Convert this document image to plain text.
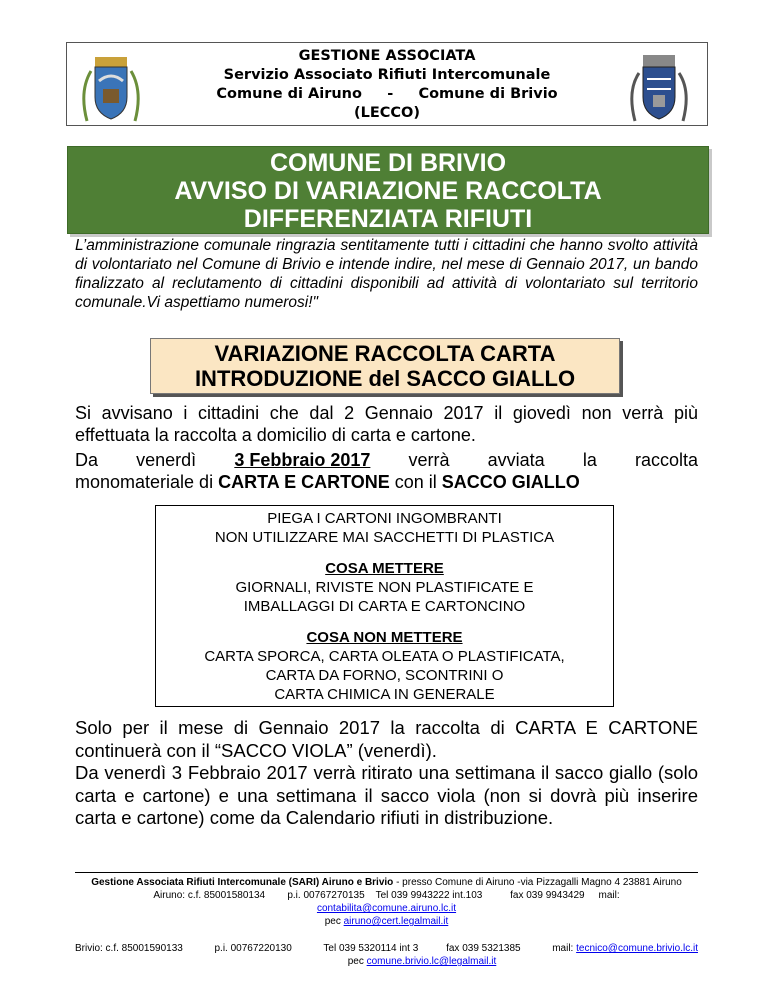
GESTIONE ASSOCIATA
Servizio Associato Rifiuti Intercomunale
Comune di Airuno     -     Comune di Brivio
(LECCO)
COMUNE DI BRIVIO
AVVISO DI VARIAZIONE RACCOLTA
DIFFERENZIATA RIFIUTI
L’amministrazione comunale ringrazia sentitamente tutti i cittadini che hanno svolto attività di volontariato nel Comune di Brivio e intende indire, nel mese di Gennaio 2017, un bando finalizzato al reclutamento di cittadini disponibili ad attività di volontariato sul territorio comunale.Vi aspettiamo numerosi!"
VARIAZIONE RACCOLTA CARTA
INTRODUZIONE del SACCO GIALLO
Si avvisano i cittadini che dal 2 Gennaio 2017 il giovedì non verrà più effettuata la raccolta a domicilio di carta e cartone.
Da venerdì 3 Febbraio 2017 verrà avviata la raccolta
monomateriale di CARTA E CARTONE con il SACCO GIALLO
PIEGA I CARTONI INGOMBRANTI
NON UTILIZZARE MAI SACCHETTI DI PLASTICA
COSA METTERE
GIORNALI, RIVISTE NON PLASTIFICATE E
IMBALLAGGI DI CARTA E CARTONCINO
COSA NON METTERE
CARTA SPORCA, CARTA OLEATA O PLASTIFICATA,
CARTA DA FORNO, SCONTRINI O
CARTA CHIMICA IN GENERALE
Solo per il mese di Gennaio 2017 la raccolta di CARTA E CARTONE continuerà con il “SACCO VIOLA” (venerdì).
Da venerdì 3 Febbraio 2017 verrà ritirato una settimana il sacco giallo (solo carta e cartone) e una settimana il sacco viola (non si dovrà più inserire carta e cartone) come da Calendario rifiuti in distribuzione.
Gestione Associata Rifiuti Intercomunale (SARI) Airuno e Brivio - presso Comune di Airuno -via Pizzagalli Magno 4 23881 Airuno
Airuno: c.f. 85001580134        p.i. 00767270135    Tel 039 9943222 int.103          fax 039 9943429     mail:
contabilita@comune.airuno.lc.it
pec airuno@cert.legalmail.it
Brivio: c.f. 85001590133	p.i. 00767220130	Tel 039 5320114 int 3          fax 039 5321385
pec comune.brivio.lc@legalmail.it
mail: tecnico@comune.brivio.lc.it
